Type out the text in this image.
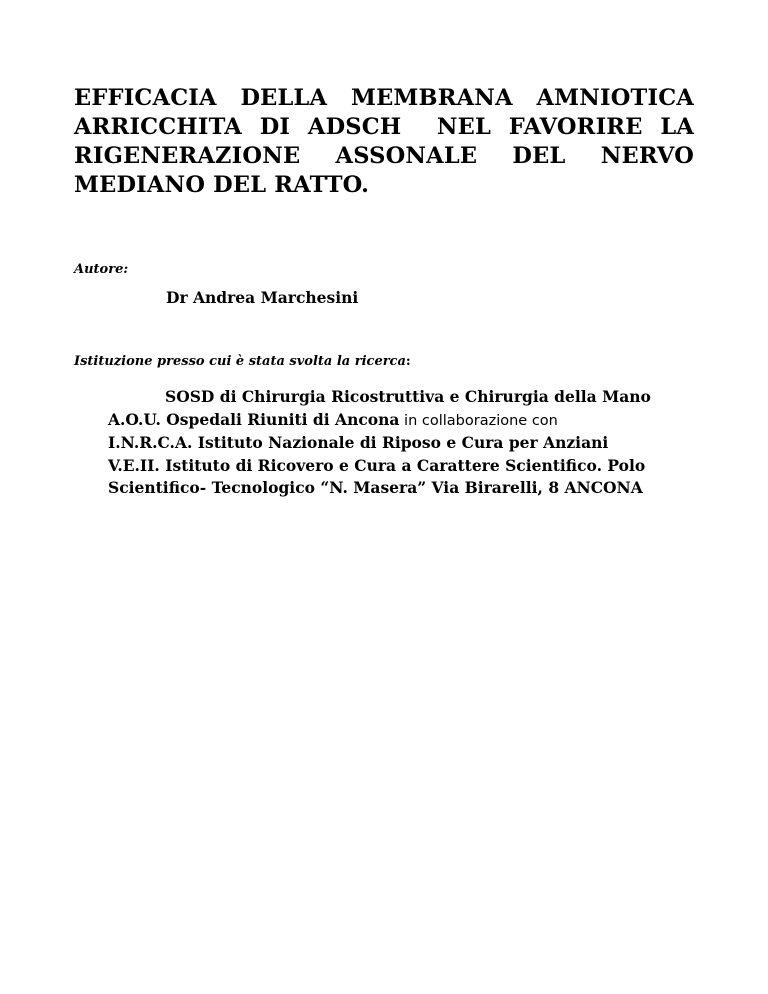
EFFICACIA DELLA MEMBRANA AMNIOTICA
ARRICCHITA DI ADSCH  NEL FAVORIRE LA
RIGENERAZIONE ASSONALE DEL NERVO
MEDIANO DEL RATTO.

Autore:

Dr Andrea Marchesini

Istituzione presso cui è stata svolta la ricerca:

SOSD di Chirurgia Ricostruttiva e Chirurgia della Mano
A.O.U. Ospedali Riuniti di Ancona in collaborazione con
I.N.R.C.A. Istituto Nazionale di Riposo e Cura per Anziani
V.E.II. Istituto di Ricovero e Cura a Carattere Scientifico. Polo
Scientifico- Tecnologico “N. Masera” Via Birarelli, 8 ANCONA
